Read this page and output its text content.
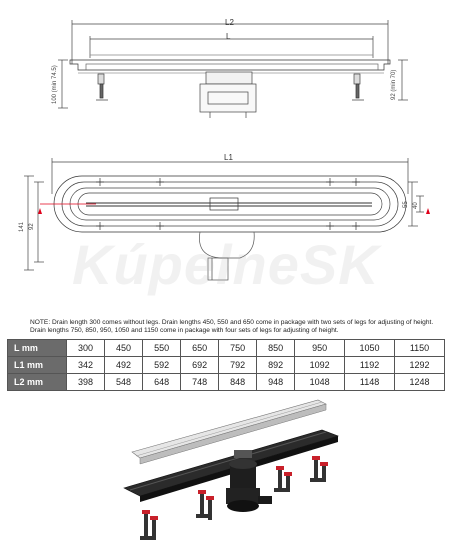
L2
L
100 (min 74.5)	92 (min 70)
L1
141 92
55 40
KúpelneSK
NOTE: Drain length 300 comes without legs. Drain lengths 450, 550 and 650 come in package with two sets of legs for adjusting of height. Drain lengths 750, 850, 950, 1050 and 1150 come in package with four sets of legs for adjusting of height.
L mm	300	450	550	650	750	850	950	1050	1150
L1 mm	342	492	592	692	792	892	1092	1192	1292
L2 mm	398	548	648	748	848	948	1048	1148	1248
